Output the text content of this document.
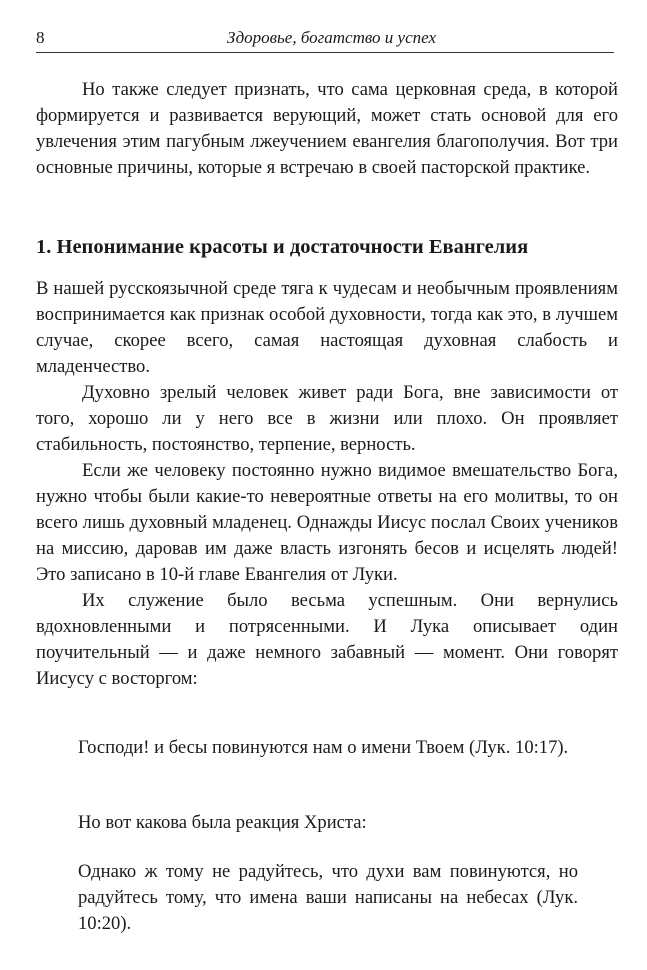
8	Здоровье, богатство и успех

Но также следует признать, что сама церковная среда, в которой формируется и развивается верующий, может стать основой для его увлечения этим пагубным лжеучением евангелия благополучия. Вот три основные причины, которые я встречаю в своей пасторской практике.

1. Непонимание красоты и достаточности Евангелия

В нашей русскоязычной среде тяга к чудесам и необычным проявлениям воспринимается как признак особой духовности, тогда как это, в лучшем случае, скорее всего, самая настоящая духовная слабость и младенчество.

Духовно зрелый человек живет ради Бога, вне зависимости от того, хорошо ли у него все в жизни или плохо. Он проявляет стабильность, постоянство, терпение, верность.

Если же человеку постоянно нужно видимое вмешательство Бога, нужно чтобы были какие-то невероятные ответы на его молитвы, то он всего лишь духовный младенец. Однажды Иисус послал Своих учеников на миссию, даровав им даже власть изгонять бесов и исцелять людей! Это записано в 10-й главе Евангелия от Луки.

Их служение было весьма успешным. Они вернулись вдохновленными и потрясенными. И Лука описывает один поучительный — и даже немного забавный — момент. Они говорят Иисусу с восторгом:

Господи! и бесы повинуются нам о имени Твоем (Лук. 10:17).

Но вот какова была реакция Христа:

Однако ж тому не радуйтесь, что духи вам повинуются, но радуйтесь тому, что имена ваши написаны на небесах (Лук. 10:20).
